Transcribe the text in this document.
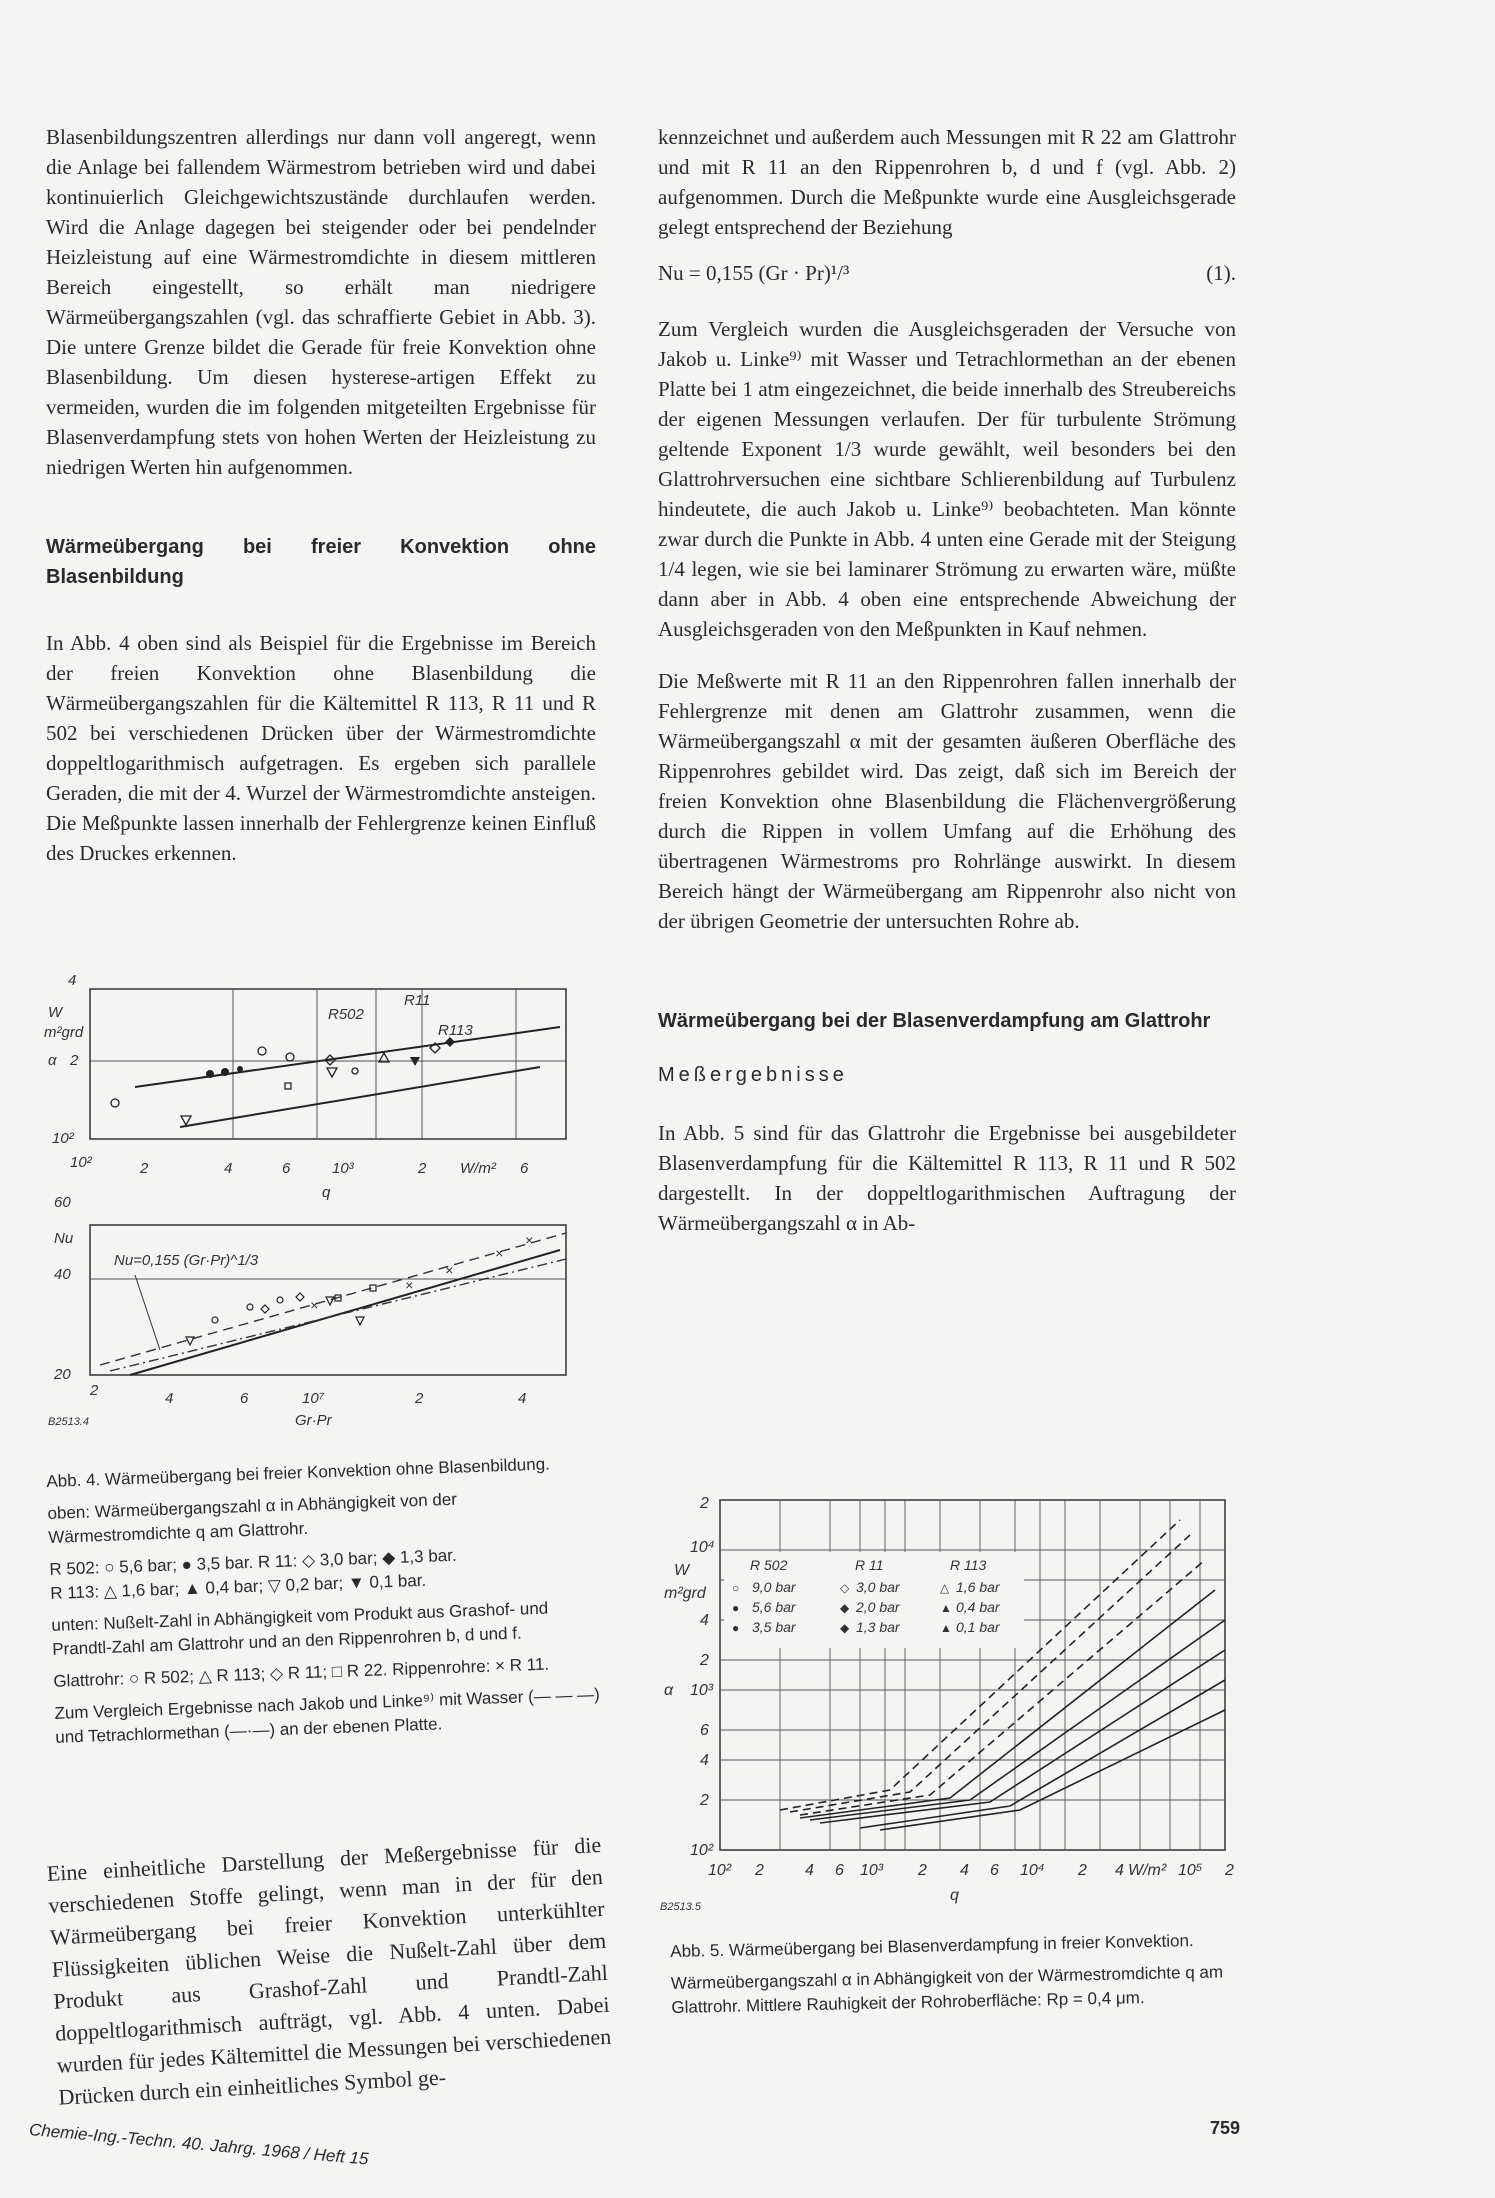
Blasenbildungszentren allerdings nur dann voll angeregt, wenn die Anlage bei fallendem Wärmestrom betrieben wird und dabei kontinuierlich Gleichgewichtszustände durchlaufen werden. Wird die Anlage dagegen bei steigender oder bei pendelnder Heizleistung auf eine Wärmestromdichte in diesem mittleren Bereich eingestellt, so erhält man niedrigere Wärmeübergangszahlen (vgl. das schraffierte Gebiet in Abb. 3). Die untere Grenze bildet die Gerade für freie Konvektion ohne Blasenbildung. Um diesen hysterese-artigen Effekt zu vermeiden, wurden die im folgenden mitgeteilten Ergebnisse für Blasenverdampfung stets von hohen Werten der Heizleistung zu niedrigen Werten hin aufgenommen.

Wärmeübergang bei freier Konvektion ohne Blasenbildung

In Abb. 4 oben sind als Beispiel für die Ergebnisse im Bereich der freien Konvektion ohne Blasenbildung die Wärmeübergangszahlen für die Kältemittel R 113, R 11 und R 502 bei verschiedenen Drücken über der Wärmestromdichte doppeltlogarithmisch aufgetragen. Es ergeben sich parallele Geraden, die mit der 4. Wurzel der Wärmestromdichte ansteigen. Die Meßpunkte lassen innerhalb der Fehlergrenze keinen Einfluß des Druckes erkennen.

4
W
m²grd
α 2
10²
R502
R11
R113
10²	2	4	6	10³	2 W/m² 6
q
×
×
×
×
×
60
Nu
40
20
Nu=0,155 (Gr·Pr)^1/3
2	4	6	10⁷	2	4
Gr·Pr
B2513.4

Abb. 4. Wärmeübergang bei freier Konvektion ohne Blasenbildung.

oben: Wärmeübergangszahl α in Abhängigkeit von der Wärmestromdichte q am Glattrohr.

R 502: ○ 5,6 bar; ● 3,5 bar. R 11: ◇ 3,0 bar; ◆ 1,3 bar.

R 113: △ 1,6 bar; ▲ 0,4 bar; ▽ 0,2 bar; ▼ 0,1 bar.

unten: Nußelt-Zahl in Abhängigkeit vom Produkt aus Grashof- und Prandtl-Zahl am Glattrohr und an den Rippenrohren b, d und f.

Glattrohr: ○ R 502; △ R 113; ◇ R 11; □ R 22. Rippenrohre: × R 11.

Zum Vergleich Ergebnisse nach Jakob und Linke⁹⁾ mit Wasser (— — —) und Tetrachlormethan (—·—) an der ebenen Platte.

Eine einheitliche Darstellung der Meßergebnisse für die verschiedenen Stoffe gelingt, wenn man in der für den Wärmeübergang bei freier Konvektion unterkühlter Flüssigkeiten üblichen Weise die Nußelt-Zahl über dem Produkt aus Grashof-Zahl und Prandtl-Zahl doppeltlogarithmisch aufträgt, vgl. Abb. 4 unten. Dabei wurden für jedes Kältemittel die Messungen bei verschiedenen Drücken durch ein einheitliches Symbol ge-

kennzeichnet und außerdem auch Messungen mit R 22 am Glattrohr und mit R 11 an den Rippenrohren b, d und f (vgl. Abb. 2) aufgenommen. Durch die Meßpunkte wurde eine Ausgleichsgerade gelegt entsprechend der Beziehung

Nu = 0,155 (Gr · Pr)¹/³	(1).

Zum Vergleich wurden die Ausgleichsgeraden der Versuche von Jakob u. Linke⁹⁾ mit Wasser und Tetrachlormethan an der ebenen Platte bei 1 atm eingezeichnet, die beide innerhalb des Streubereichs der eigenen Messungen verlaufen. Der für turbulente Strömung geltende Exponent 1/3 wurde gewählt, weil besonders bei den Glattrohrversuchen eine sichtbare Schlierenbildung auf Turbulenz hindeutete, die auch Jakob u. Linke⁹⁾ beobachteten. Man könnte zwar durch die Punkte in Abb. 4 unten eine Gerade mit der Steigung 1/4 legen, wie sie bei laminarer Strömung zu erwarten wäre, müßte dann aber in Abb. 4 oben eine entsprechende Abweichung der Ausgleichsgeraden von den Meßpunkten in Kauf nehmen.

Die Meßwerte mit R 11 an den Rippenrohren fallen innerhalb der Fehlergrenze mit denen am Glattrohr zusammen, wenn die Wärmeübergangszahl α mit der gesamten äußeren Oberfläche des Rippenrohres gebildet wird. Das zeigt, daß sich im Bereich der freien Konvektion ohne Blasenbildung die Flächenvergrößerung durch die Rippen in vollem Umfang auf die Erhöhung des übertragenen Wärmestroms pro Rohrlänge auswirkt. In diesem Bereich hängt der Wärmeübergang am Rippenrohr also nicht von der übrigen Geometrie der untersuchten Rohre ab.

Wärmeübergang bei der Blasenverdampfung am Glattrohr
Meßergebnisse

In Abb. 5 sind für das Glattrohr die Ergebnisse bei ausgebildeter Blasenverdampfung für die Kältemittel R 113, R 11 und R 502 dargestellt. In der doppeltlogarithmischen Auftragung der Wärmeübergangszahl α in Ab-

R 502	R 11	R 113
9,0 bar
5,6 bar
3,5 bar
3,0 bar
2,0 bar
1,3 bar
1,6 bar
0,4 bar
0,1 bar
○
●
●
◇
◆
◆
△
▲
▲
2
10⁴
W
m²grd
4
2
α 10³
6
4
2
10²
10² 2	4 6 10³ 2 4 6 10⁴ 2 4 W/m² 10⁵ 2
q
B2513.5

Abb. 5. Wärmeübergang bei Blasenverdampfung in freier Konvektion.

Wärmeübergangszahl α in Abhängigkeit von der Wärmestromdichte q am Glattrohr. Mittlere Rauhigkeit der Rohroberfläche: Rp = 0,4 μm.

Chemie-Ing.-Techn. 40. Jahrg. 1968 / Heft 15	759
